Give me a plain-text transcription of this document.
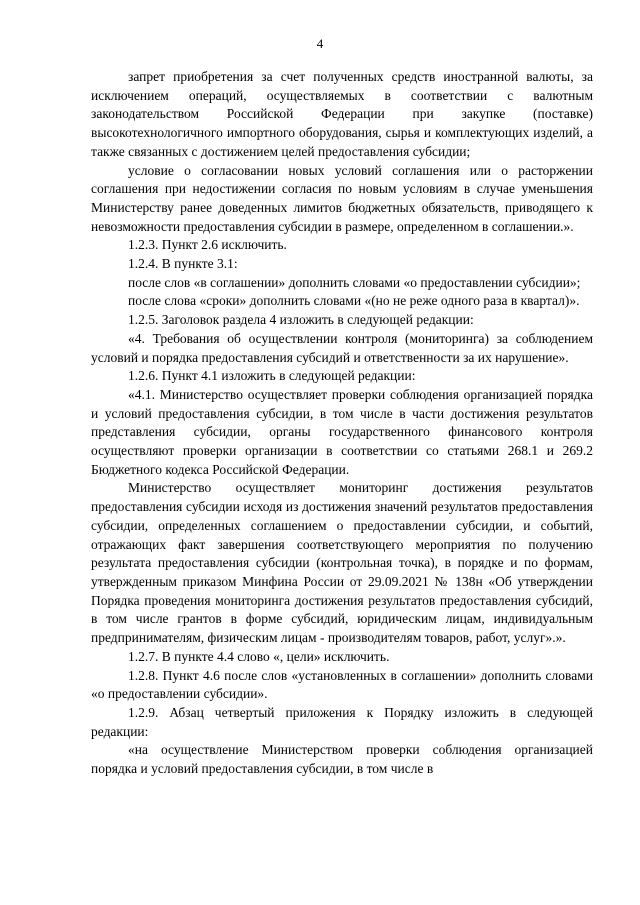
4

запрет приобретения за счет полученных средств иностранной валюты, за исключением операций, осуществляемых в соответствии с валютным законодательством Российской Федерации при закупке (поставке) высокотехнологичного импортного оборудования, сырья и комплектующих изделий, а также связанных с достижением целей предоставления субсидии;

условие о согласовании новых условий соглашения или о расторжении соглашения при недостижении согласия по новым условиям в случае уменьшения Министерству ранее доведенных лимитов бюджетных обязательств, приводящего к невозможности предоставления субсидии в размере, определенном в соглашении.».

1.2.3. Пункт 2.6 исключить.

1.2.4. В пункте 3.1:

после слов «в соглашении» дополнить словами «о предоставлении субсидии»;

после слова «сроки» дополнить словами «(но не реже одного раза в квартал)».

1.2.5. Заголовок раздела 4 изложить в следующей редакции:

«4. Требования об осуществлении контроля (мониторинга) за соблюдением условий и порядка предоставления субсидий и ответственности за их нарушение».

1.2.6. Пункт 4.1 изложить в следующей редакции:

«4.1. Министерство осуществляет проверки соблюдения организацией порядка и условий предоставления субсидии, в том числе в части достижения результатов представления субсидии, органы государственного финансового контроля осуществляют проверки организации в соответствии со статьями 268.1 и 269.2 Бюджетного кодекса Российской Федерации.

Министерство осуществляет мониторинг достижения результатов предоставления субсидии исходя из достижения значений результатов предоставления субсидии, определенных соглашением о предоставлении субсидии, и событий, отражающих факт завершения соответствующего мероприятия по получению результата предоставления субсидии (контрольная точка), в порядке и по формам, утвержденным приказом Минфина России от 29.09.2021 № 138н «Об утверждении Порядка проведения мониторинга достижения результатов предоставления субсидий, в том числе грантов в форме субсидий, юридическим лицам, индивидуальным предпринимателям, физическим лицам - производителям товаров, работ, услуг».».

1.2.7. В пункте 4.4 слово «, цели» исключить.

1.2.8. Пункт 4.6 после слов «установленных в соглашении» дополнить словами «о предоставлении субсидии».

1.2.9. Абзац четвертый приложения к Порядку изложить в следующей редакции:

«на осуществление Министерством проверки соблюдения организацией порядка и условий предоставления субсидии, в том числе в
